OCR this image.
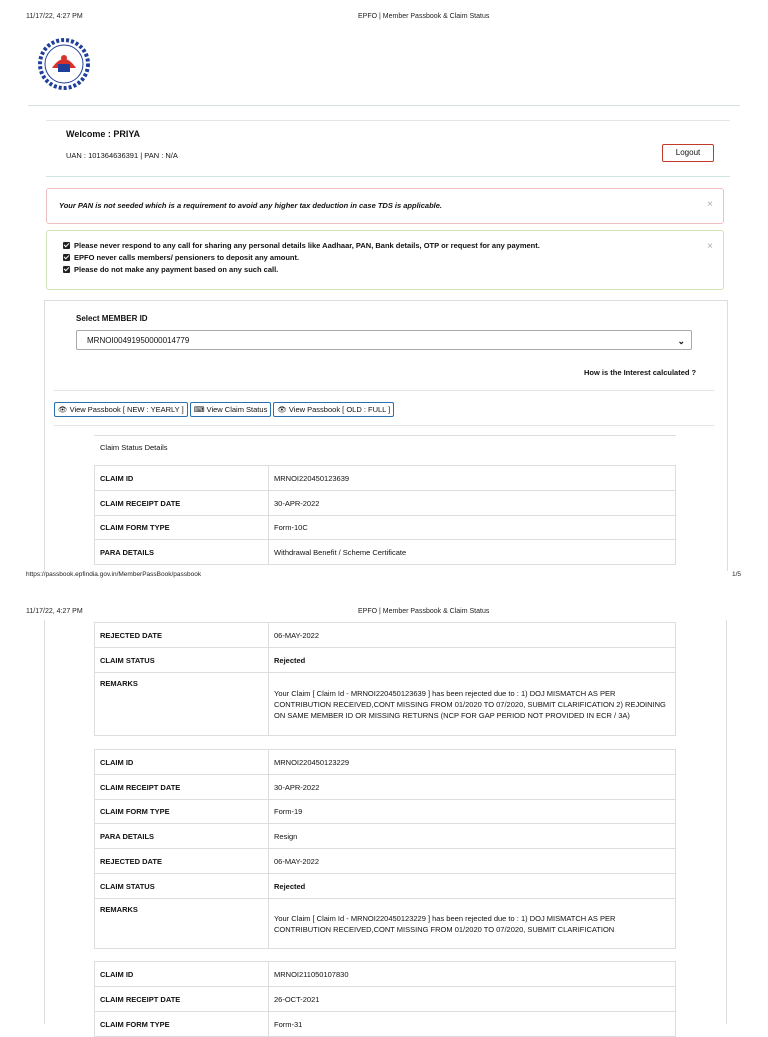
11/17/22, 4:27 PM	EPFO | Member Passbook & Claim Status
Welcome : PRIYA
UAN : 101364636391 | PAN : N/A	Logout
Your PAN is not seeded which is a requirement to avoid any higher tax deduction in case TDS is applicable.	×
Please never respond to any call for sharing any personal details like Aadhaar, PAN, Bank details, OTP or request for any payment.
EPFO never calls members/ pensioners to deposit any amount.
Please do not make any payment based on any such call.
×
Select MEMBER ID
MRNOI00491950000014779	⌄
How is the Interest calculated ?
👁 View Passbook [ NEW : YEARLY ] ⌨ View Claim Status 👁 View Passbook [ OLD : FULL ]
Claim Status Details
CLAIM ID	MRNOI220450123639
CLAIM RECEIPT DATE	30-APR-2022
CLAIM FORM TYPE	Form-10C
PARA DETAILS	Withdrawal Benefit / Scheme Certificate
https://passbook.epfindia.gov.in/MemberPassBook/passbook	1/5
11/17/22, 4:27 PM	EPFO | Member Passbook & Claim Status
REJECTED DATE	06-MAY-2022
CLAIM STATUS	Rejected
REMARKS	Your Claim [ Claim Id - MRNOI220450123639 ] has been rejected due to : 1) DOJ MISMATCH AS PER CONTRIBUTION RECEIVED,CONT MISSING FROM 01/2020 TO 07/2020, SUBMIT CLARIFICATION 2) REJOINING ON SAME MEMBER ID OR MISSING RETURNS (NCP FOR GAP PERIOD NOT PROVIDED IN ECR / 3A)
CLAIM ID	MRNOI220450123229
CLAIM RECEIPT DATE	30-APR-2022
CLAIM FORM TYPE	Form-19
PARA DETAILS	Resign
REJECTED DATE	06-MAY-2022
CLAIM STATUS	Rejected
REMARKS	Your Claim [ Claim Id - MRNOI220450123229 ] has been rejected due to : 1) DOJ MISMATCH AS PER CONTRIBUTION RECEIVED,CONT MISSING FROM 01/2020 TO 07/2020, SUBMIT CLARIFICATION
CLAIM ID	MRNOI211050107830
CLAIM RECEIPT DATE	26-OCT-2021
CLAIM FORM TYPE	Form-31
